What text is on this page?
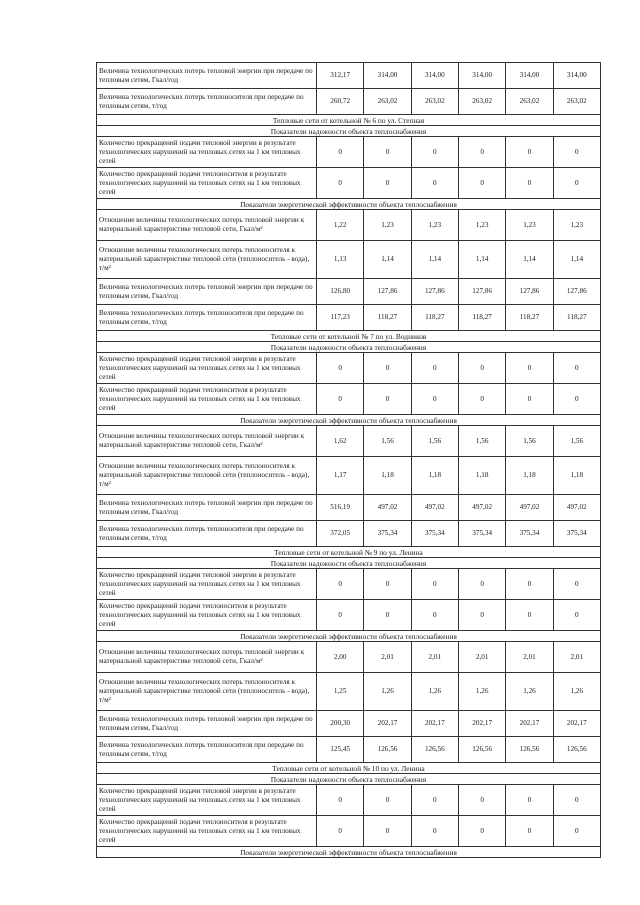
Величина технологических потерь тепловой энергии при передаче по тепловым сетям, Гкал/год	312,17	314,00	314,00	314,00	314,00	314,00
Величина технологических потерь теплоносителя при передаче по тепловым сетям, т/год	260,72	263,02	263,02	263,02	263,02	263,02
Тепловые сети от котельной № 6 по ул. Степная						
Показатели надежности объекта теплоснабжения						
Количество прекращений подачи тепловой энергии в результате технологических нарушений на тепловых сетях на 1 км тепловых сетей	0	0	0	0	0	0
Количество прекращений подачи теплоносителя в результате технологических нарушений на тепловых сетях на 1 км тепловых сетей	0	0	0	0	0	0
Показатели энергетической эффективности объекта теплоснабжения						
Отношение величины технологических потерь тепловой энергии к материальной характеристике тепловой сети, Гкал/м²	1,22	1,23	1,23	1,23	1,23	1,23
Отношение величины технологических потерь теплоносителя к материальной характеристике тепловой сети (теплоноситель - вода), т/м²	1,13	1,14	1,14	1,14	1,14	1,14
Величина технологических потерь тепловой энергии при передаче по тепловым сетям, Гкал/год	126,80	127,86	127,86	127,86	127,86	127,86
Величина технологических потерь теплоносителя при передаче по тепловым сетям, т/год	117,23	118,27	118,27	118,27	118,27	118,27
Тепловые сети от котельной № 7 по ул. Водников						
Показатели надежности объекта теплоснабжения						
Количество прекращений подачи тепловой энергии в результате технологических нарушений на тепловых сетях на 1 км тепловых сетей	0	0	0	0	0	0
Количество прекращений подачи теплоносителя в результате технологических нарушений на тепловых сетях на 1 км тепловых сетей	0	0	0	0	0	0
Показатели энергетической эффективности объекта теплоснабжения						
Отношение величины технологических потерь тепловой энергии к материальной характеристике тепловой сети, Гкал/м²	1,62	1,56	1,56	1,56	1,56	1,56
Отношение величины технологических потерь теплоносителя к материальной характеристике тепловой сети (теплоноситель - вода), т/м²	1,17	1,18	1,18	1,18	1,18	1,18
Величина технологических потерь тепловой энергии при передаче по тепловым сетям, Гкал/год	516,19	497,02	497,02	497,02	497,02	497,02
Величина технологических потерь теплоносителя при передаче по тепловым сетям, т/год	372,05	375,34	375,34	375,34	375,34	375,34
Тепловые сети от котельной № 9 по ул. Ленина						
Показатели надежности объекта теплоснабжения						
Количество прекращений подачи тепловой энергии в результате технологических нарушений на тепловых сетях на 1 км тепловых сетей	0	0	0	0	0	0
Количество прекращений подачи теплоносителя в результате технологических нарушений на тепловых сетях на 1 км тепловых сетей	0	0	0	0	0	0
Показатели энергетической эффективности объекта теплоснабжения						
Отношение величины технологических потерь тепловой энергии к материальной характеристике тепловой сети, Гкал/м²	2,00	2,01	2,01	2,01	2,01	2,01
Отношение величины технологических потерь теплоносителя к материальной характеристике тепловой сети (теплоноситель - вода), т/м²	1,25	1,26	1,26	1,26	1,26	1,26
Величина технологических потерь тепловой энергии при передаче по тепловым сетям, Гкал/год	200,30	202,17	202,17	202,17	202,17	202,17
Величина технологических потерь теплоносителя при передаче по тепловым сетям, т/год	125,45	126,56	126,56	126,56	126,56	126,56
Тепловые сети от котельной № 10 по ул. Ленина						
Показатели надежности объекта теплоснабжения						
Количество прекращений подачи тепловой энергии в результате технологических нарушений на тепловых сетях на 1 км тепловых сетей	0	0	0	0	0	0
Количество прекращений подачи теплоносителя в результате технологических нарушений на тепловых сетях на 1 км тепловых сетей	0	0	0	0	0	0
Показатели энергетической эффективности объекта теплоснабжения						
